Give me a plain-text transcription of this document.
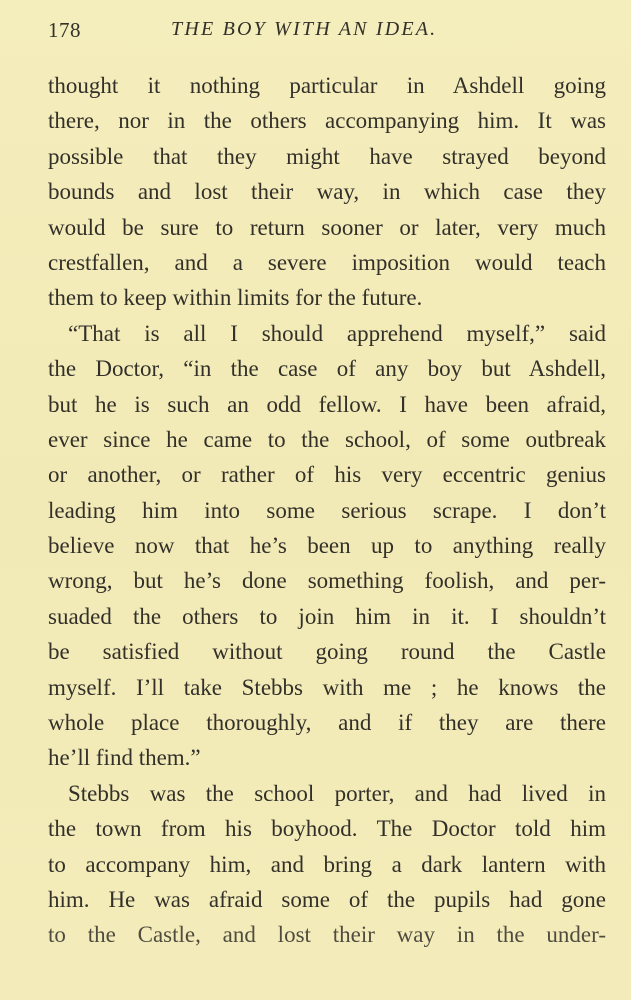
178	THE BOY WITH AN IDEA.
thought it nothing particular in Ashdell going
there, nor in the others accompanying him. It was
possible that they might have strayed beyond
bounds and lost their way, in which case they
would be sure to return sooner or later, very much
crestfallen, and a severe imposition would teach
them to keep within limits for the future.
“That is all I should apprehend myself,” said
the Doctor, “in the case of any boy but Ashdell,
but he is such an odd fellow. I have been afraid,
ever since he came to the school, of some outbreak
or another, or rather of his very eccentric genius
leading him into some serious scrape. I don’t
believe now that he’s been up to anything really
wrong, but he’s done something foolish, and per-
suaded the others to join him in it. I shouldn’t
be satisfied without going round the Castle
myself. I’ll take Stebbs with me ; he knows the
whole place thoroughly, and if they are there
he’ll find them.”
Stebbs was the school porter, and had lived in
the town from his boyhood. The Doctor told him
to accompany him, and bring a dark lantern with
him. He was afraid some of the pupils had gone
to the Castle, and lost their way in the under-
